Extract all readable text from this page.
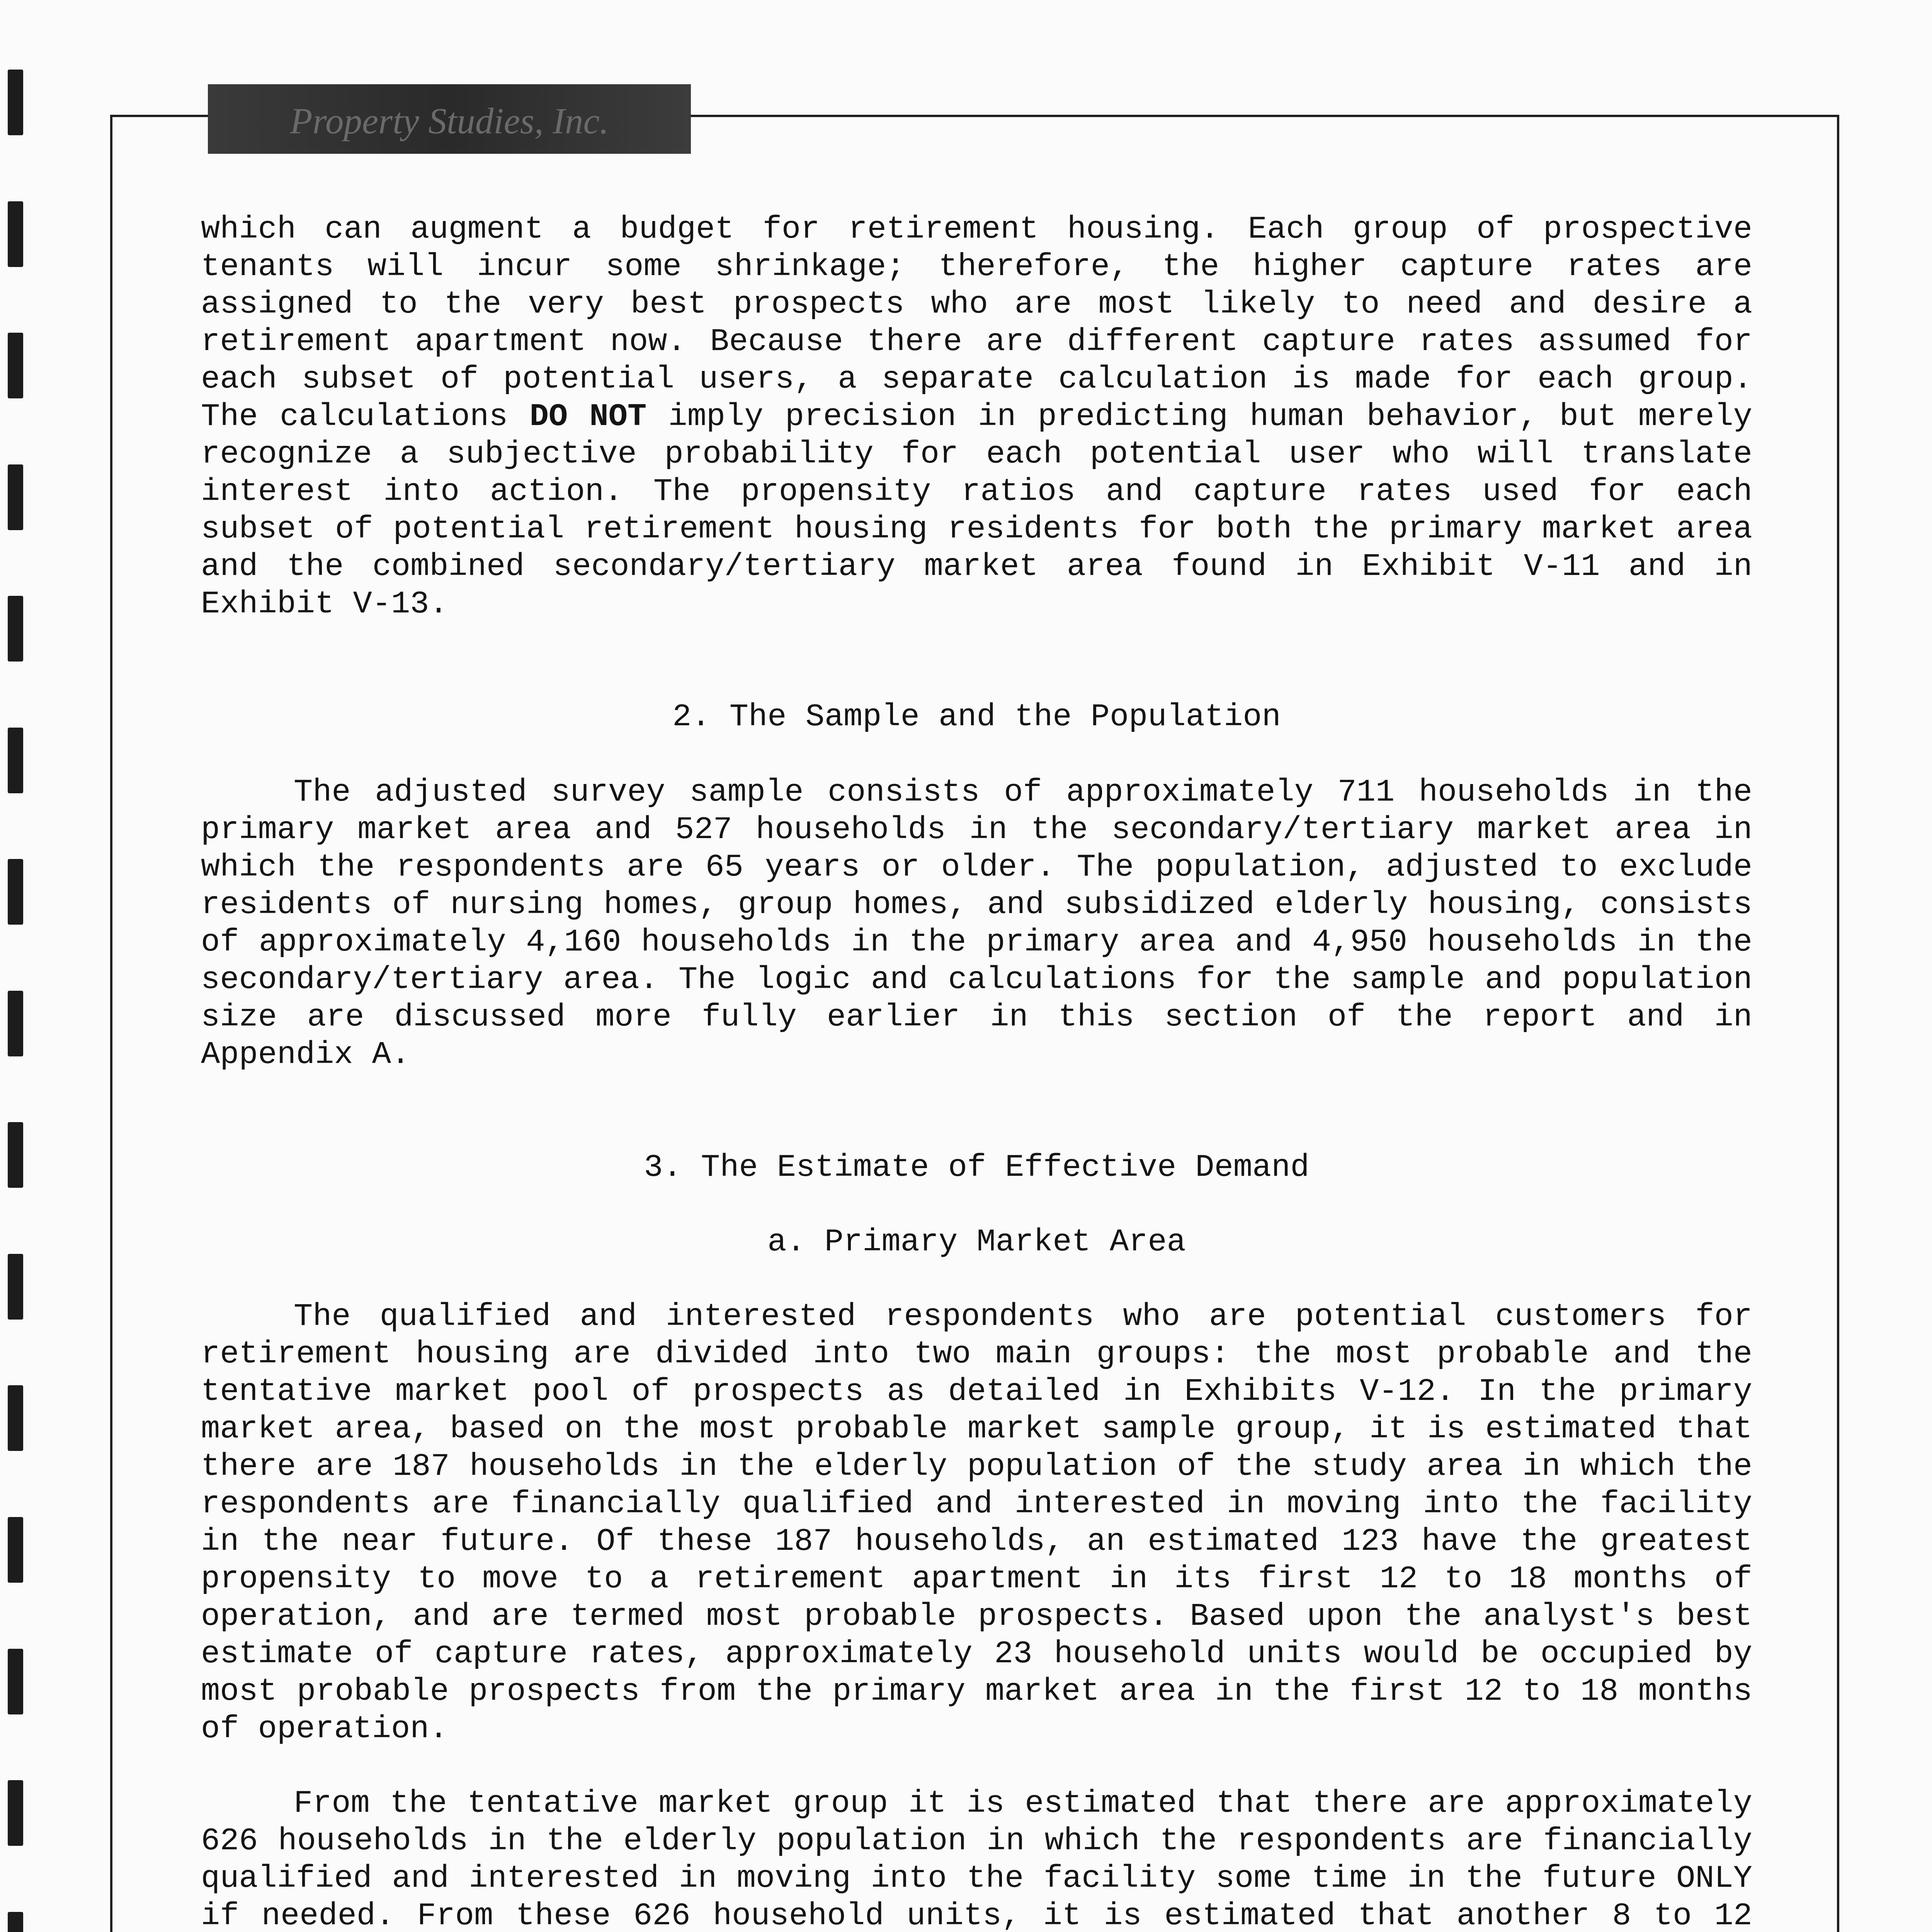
Property Studies, Inc.

which can augment a budget for retirement housing. Each group of prospective tenants will incur some shrinkage; therefore, the higher capture rates are assigned to the very best prospects who are most likely to need and desire a retirement apartment now. Because there are different capture rates assumed for each subset of potential users, a separate calculation is made for each group. The calculations DO NOT imply precision in predicting human behavior, but merely recognize a subjective probability for each potential user who will translate interest into action. The propensity ratios and capture rates used for each subset of potential retirement housing residents for both the primary market area and the combined secondary/tertiary market area found in Exhibit V-11 and in Exhibit V-13.

2. The Sample and the Population

The adjusted survey sample consists of approximately 711 households in the primary market area and 527 households in the secondary/tertiary market area in which the respondents are 65 years or older. The population, adjusted to exclude residents of nursing homes, group homes, and subsidized elderly housing, consists of approximately 4,160 households in the primary area and 4,950 households in the secondary/tertiary area. The logic and calculations for the sample and population size are discussed more fully earlier in this section of the report and in Appendix A.

3. The Estimate of Effective Demand

a. Primary Market Area

The qualified and interested respondents who are potential customers for retirement housing are divided into two main groups: the most probable and the tentative market pool of prospects as detailed in Exhibits V-12. In the primary market area, based on the most probable market sample group, it is estimated that there are 187 households in the elderly population of the study area in which the respondents are financially qualified and interested in moving into the facility in the near future. Of these 187 households, an estimated 123 have the greatest propensity to move to a retirement apartment in its first 12 to 18 months of operation, and are termed most probable prospects. Based upon the analyst's best estimate of capture rates, approximately 23 household units would be occupied by most probable prospects from the primary market area in the first 12 to 18 months of operation.

From the tentative market group it is estimated that there are approximately 626 households in the elderly population in which the respondents are financially qualified and interested in moving into the facility some time in the future ONLY if needed. From these 626 household units, it is estimated that another 8 to 12
